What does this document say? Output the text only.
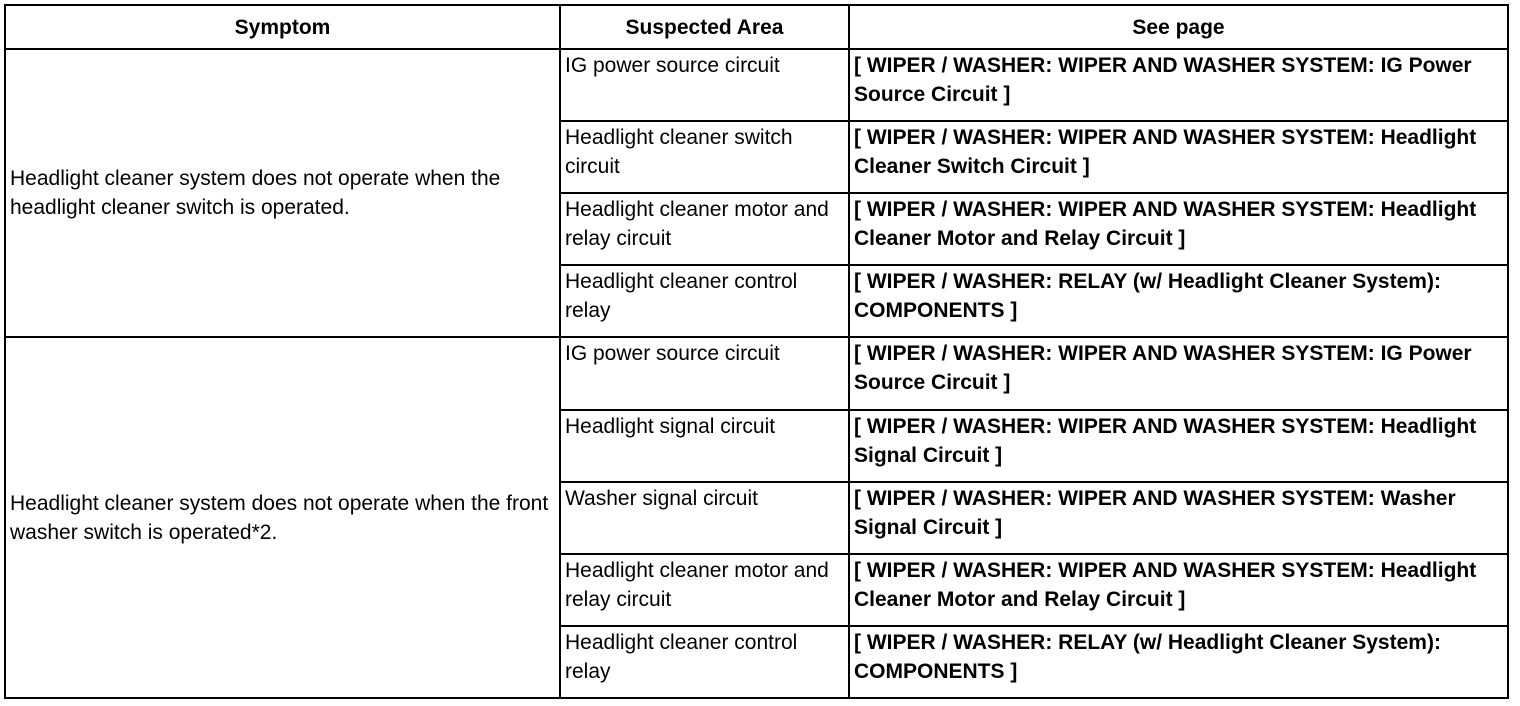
Symptom	Suspected Area	See page
Headlight cleaner system does not operate when the headlight cleaner switch is operated.	IG power source circuit	[ WIPER / WASHER: WIPER AND WASHER SYSTEM: IG Power Source Circuit ]
	Headlight cleaner switch circuit	[ WIPER / WASHER: WIPER AND WASHER SYSTEM: Headlight Cleaner Switch Circuit ]
	Headlight cleaner motor and relay circuit	[ WIPER / WASHER: WIPER AND WASHER SYSTEM: Headlight Cleaner Motor and Relay Circuit ]
	Headlight cleaner control relay	[ WIPER / WASHER: RELAY (w/ Headlight Cleaner System): COMPONENTS ]
Headlight cleaner system does not operate when the front washer switch is operated*2.	IG power source circuit	[ WIPER / WASHER: WIPER AND WASHER SYSTEM: IG Power Source Circuit ]
	Headlight signal circuit	[ WIPER / WASHER: WIPER AND WASHER SYSTEM: Headlight Signal Circuit ]
	Washer signal circuit	[ WIPER / WASHER: WIPER AND WASHER SYSTEM: Washer Signal Circuit ]
	Headlight cleaner motor and relay circuit	[ WIPER / WASHER: WIPER AND WASHER SYSTEM: Headlight Cleaner Motor and Relay Circuit ]
	Headlight cleaner control relay	[ WIPER / WASHER: RELAY (w/ Headlight Cleaner System): COMPONENTS ]
